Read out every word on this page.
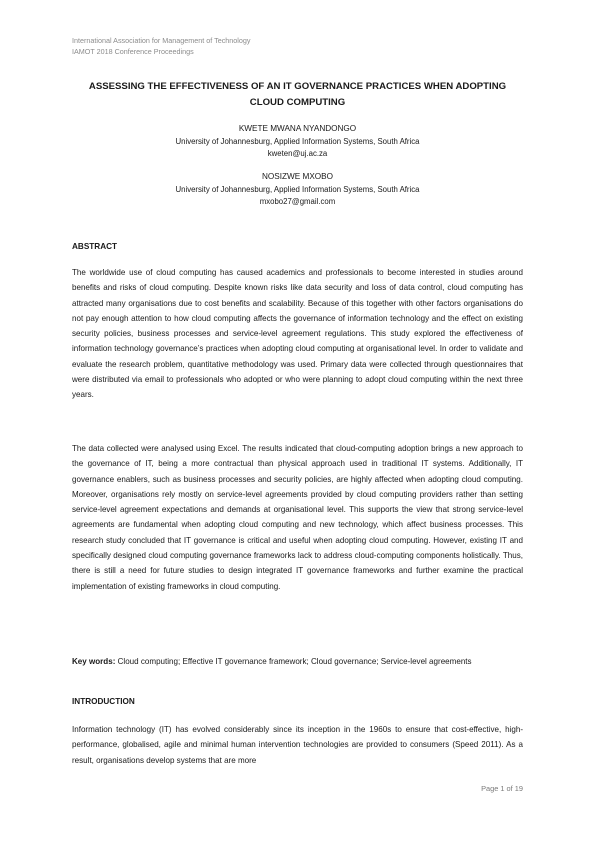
International Association for Management of Technology
IAMOT 2018 Conference Proceedings
ASSESSING THE EFFECTIVENESS OF AN IT GOVERNANCE PRACTICES WHEN ADOPTING
CLOUD COMPUTING
KWETE MWANA NYANDONGO
University of Johannesburg, Applied Information Systems, South Africa
kweten@uj.ac.za
NOSIZWE MXOBO
University of Johannesburg, Applied Information Systems, South Africa
mxobo27@gmail.com
ABSTRACT

The worldwide use of cloud computing has caused academics and professionals to become interested in studies around benefits and risks of cloud computing. Despite known risks like data security and loss of data control, cloud computing has attracted many organisations due to cost benefits and scalability. Because of this together with other factors organisations do not pay enough attention to how cloud computing affects the governance of information technology and the effect on existing security policies, business processes and service-level agreement regulations. This study explored the effectiveness of information technology governance’s practices when adopting cloud computing at organisational level. In order to validate and evaluate the research problem, quantitative methodology was used. Primary data were collected through questionnaires that were distributed via email to professionals who adopted or who were planning to adopt cloud computing within the next three years.

The data collected were analysed using Excel. The results indicated that cloud-computing adoption brings a new approach to the governance of IT, being a more contractual than physical approach used in traditional IT systems. Additionally, IT governance enablers, such as business processes and security policies, are highly affected when adopting cloud computing. Moreover, organisations rely mostly on service-level agreements provided by cloud computing providers rather than setting service-level agreement expectations and demands at organisational level. This supports the view that strong service-level agreements are fundamental when adopting cloud computing and new technology, which affect business processes. This research study concluded that IT governance is critical and useful when adopting cloud computing. However, existing IT and specifically designed cloud computing governance frameworks lack to address cloud-computing components holistically. Thus, there is still a need for future studies to design integrated IT governance frameworks and further examine the practical implementation of existing frameworks in cloud computing.

Key words: Cloud computing; Effective IT governance framework; Cloud governance; Service-level agreements

INTRODUCTION

Information technology (IT) has evolved considerably since its inception in the 1960s to ensure that cost-effective, high-performance, globalised, agile and minimal human intervention technologies are provided to consumers (Speed 2011). As a result, organisations develop systems that are more

Page 1 of 19
